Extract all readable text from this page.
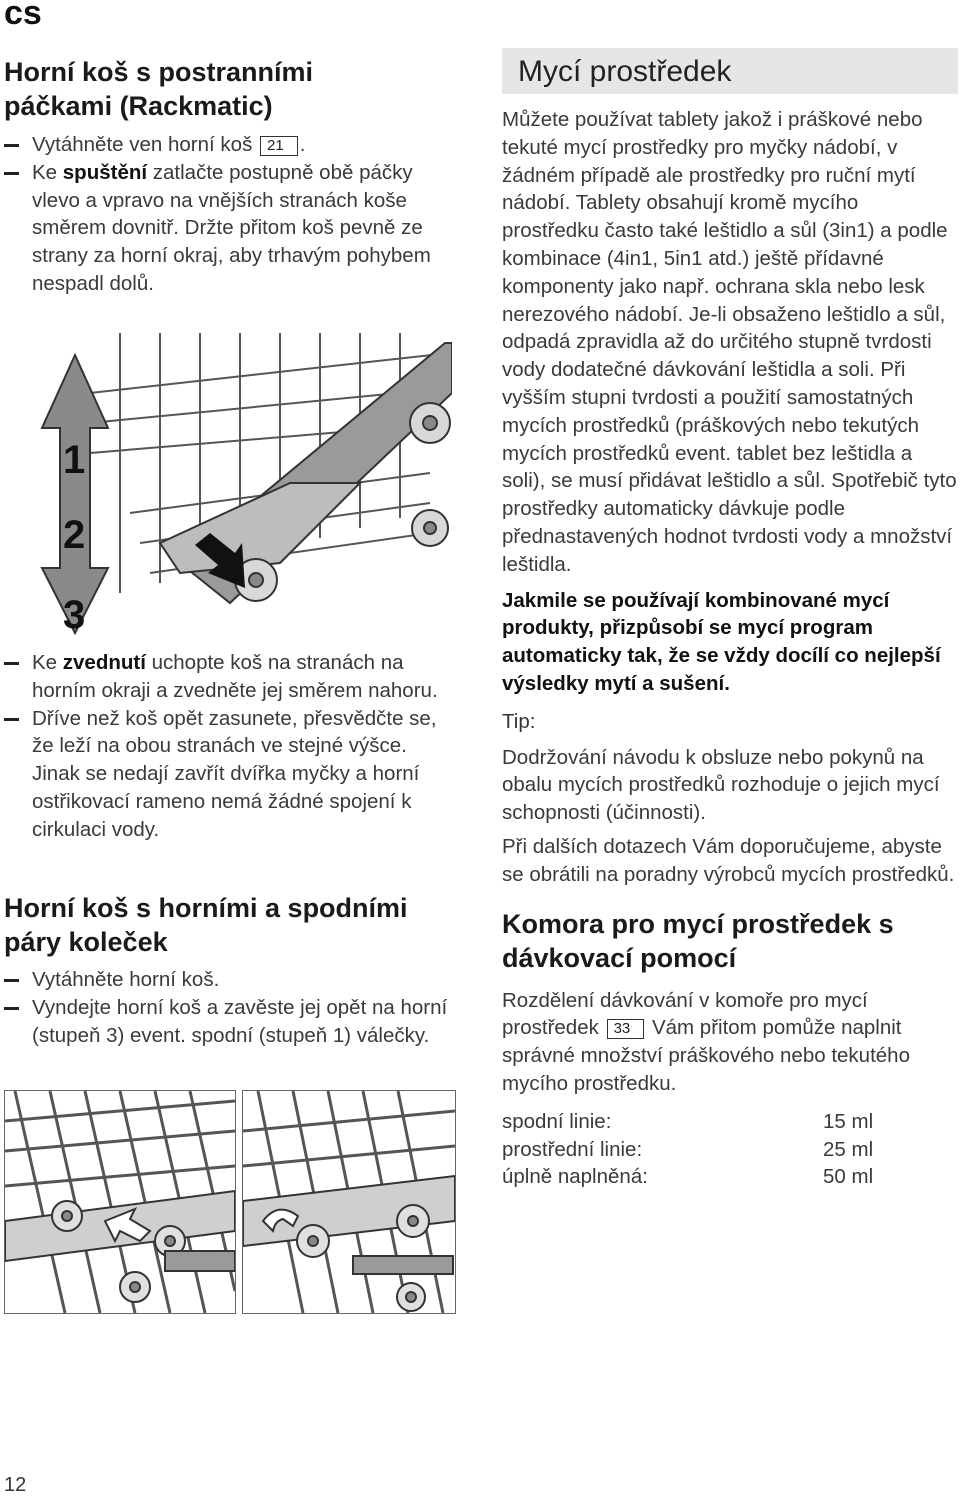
cs
Horní koš s postranními páčkami (Rackmatic)
Vytáhněte ven horní koš 21 .
Ke spuštění zatlačte postupně obě páčky vlevo a vpravo na vnějších stranách koše směrem dovnitř. Držte přitom koš pevně ze strany za horní okraj, aby trhavým pohybem nespadl dolů.
1
2
3
Ke zvednutí uchopte koš na stranách na horním okraji a zvedněte jej směrem nahoru.
Dříve než koš opět zasunete, přesvědčte se, že leží na obou stranách ve stejné výšce. Jinak se nedají zavřít dvířka myčky a horní ostřikovací rameno nemá žádné spojení k cirkulaci vody.
Horní koš s horními a spodními páry koleček
Vytáhněte horní koš.
Vyndejte horní koš a zavěste jej opět na horní (stupeň 3) event. spodní (stupeň 1) válečky.
Mycí prostředek

Můžete používat tablety jakož i práškové nebo tekuté mycí prostředky pro myčky nádobí, v žádném případě ale prostředky pro ruční mytí nádobí. Tablety obsahují kromě mycího prostředku často také leštidlo a sůl (3in1) a podle kombinace (4in1, 5in1 atd.) ještě přídavné komponenty jako např. ochrana skla nebo lesk nerezového nádobí. Je-li obsaženo leštidlo a sůl, odpadá zpravidla až do určitého stupně tvrdosti vody dodatečné dávkování leštidla a soli. Při vyšším stupni tvrdosti a použití samostatných mycích prostředků (práškových nebo tekutých mycích prostředků event. tablet bez leštidla a soli), se musí přidávat leštidlo a sůl. Spotřebič tyto prostředky automaticky dávkuje podle přednastavených hodnot tvrdosti vody a množství leštidla.

Jakmile se používají kombinované mycí produkty, přizpůsobí se mycí program automaticky tak, že se vždy docílí co nejlepší výsledky mytí a sušení.

Tip:

Dodržování návodu k obsluze nebo pokynů na obalu mycích prostředků rozhoduje o jejich mycí schopnosti (účinnosti).

Při dalších dotazech Vám doporučujeme, abyste se obrátili na poradny výrobců mycích prostředků.

Komora pro mycí prostředek s dávkovací pomocí

Rozdělení dávkování v komoře pro mycí prostředek 33 Vám přitom pomůže naplnit správné množství práškového nebo tekutého mycího prostředku.

spodní linie:	15 ml
prostřední linie:	25 ml
úplně naplněná:	50 ml
12
